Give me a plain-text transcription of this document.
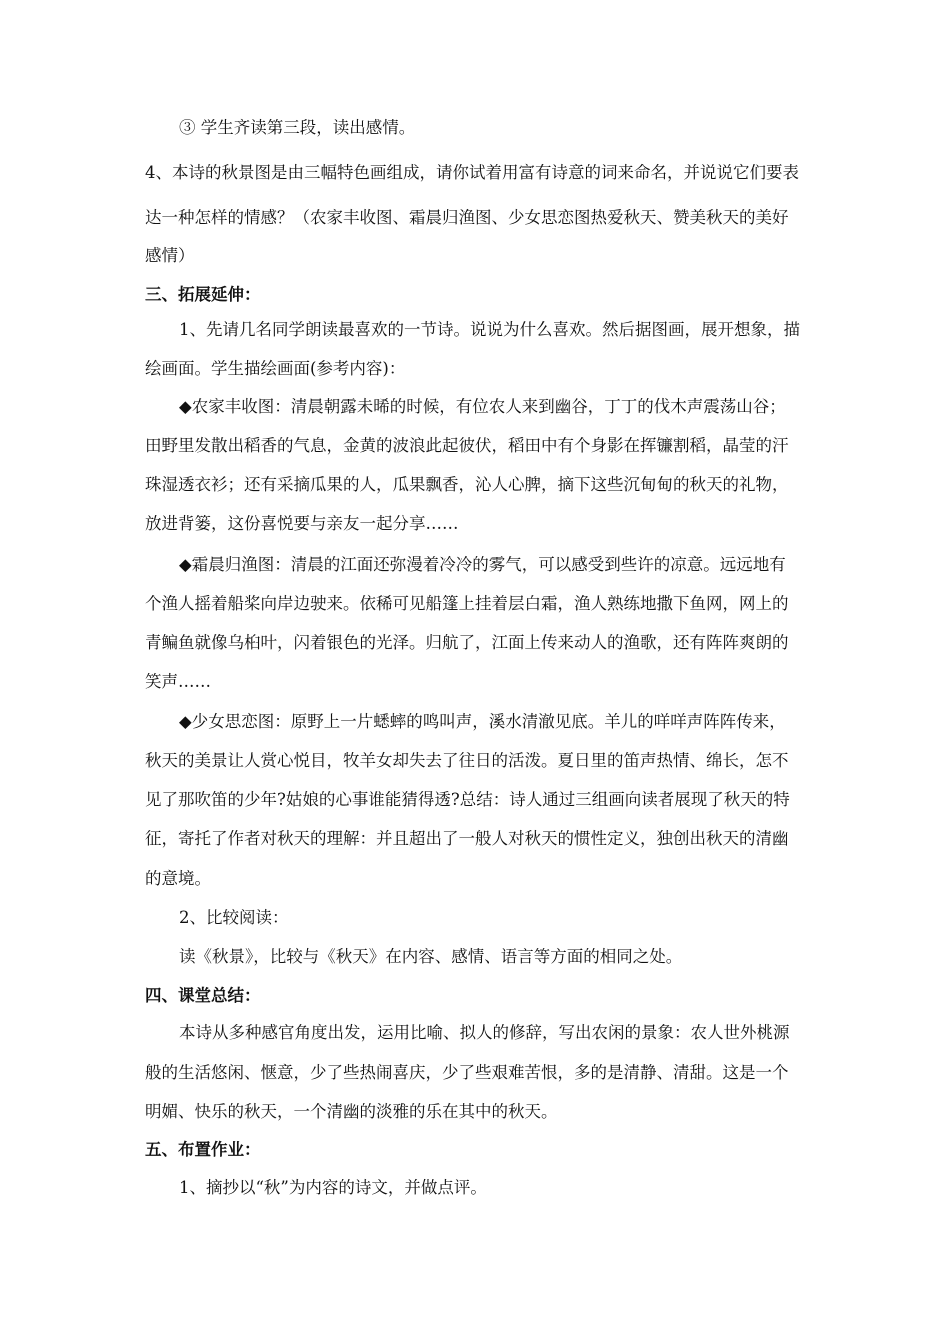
③ 学生齐读第三段，读出感情。
4、本诗的秋景图是由三幅特色画组成，请你试着用富有诗意的词来命名，并说说它们要表
达一种怎样的情感？（农家丰收图、霜晨归渔图、少女思恋图热爱秋天、赞美秋天的美好
感情）
三、拓展延伸：
1、先请几名同学朗读最喜欢的一节诗。说说为什么喜欢。然后据图画，展开想象，描
绘画面。学生描绘画面(参考内容)：
◆农家丰收图：清晨朝露未晞的时候，有位农人来到幽谷，丁丁的伐木声震荡山谷；
田野里发散出稻香的气息，金黄的波浪此起彼伏，稻田中有个身影在挥镰割稻，晶莹的汗
珠湿透衣衫；还有采摘瓜果的人，瓜果飘香，沁人心脾，摘下这些沉甸甸的秋天的礼物，
放进背篓，这份喜悦要与亲友一起分享……
◆霜晨归渔图：清晨的江面还弥漫着冷冷的雾气，可以感受到些许的凉意。远远地有
个渔人摇着船桨向岸边驶来。依稀可见船篷上挂着层白霜，渔人熟练地撒下鱼网，网上的
青鳊鱼就像乌桕叶，闪着银色的光泽。归航了，江面上传来动人的渔歌，还有阵阵爽朗的
笑声……
◆少女思恋图：原野上一片蟋蟀的鸣叫声，溪水清澈见底。羊儿的咩咩声阵阵传来，
秋天的美景让人赏心悦目，牧羊女却失去了往日的活泼。夏日里的笛声热情、绵长，怎不
见了那吹笛的少年?姑娘的心事谁能猜得透?总结：诗人通过三组画向读者展现了秋天的特
征，寄托了作者对秋天的理解：并且超出了一般人对秋天的惯性定义，独创出秋天的清幽
的意境。
2、比较阅读：
读《秋景》，比较与《秋天》在内容、感情、语言等方面的相同之处。
四、课堂总结：
本诗从多种感官角度出发，运用比喻、拟人的修辞，写出农闲的景象：农人世外桃源
般的生活悠闲、惬意，少了些热闹喜庆，少了些艰难苦恨，多的是清静、清甜。这是一个
明媚、快乐的秋天，一个清幽的淡雅的乐在其中的秋天。
五、布置作业：
1、摘抄以“秋”为内容的诗文，并做点评。
